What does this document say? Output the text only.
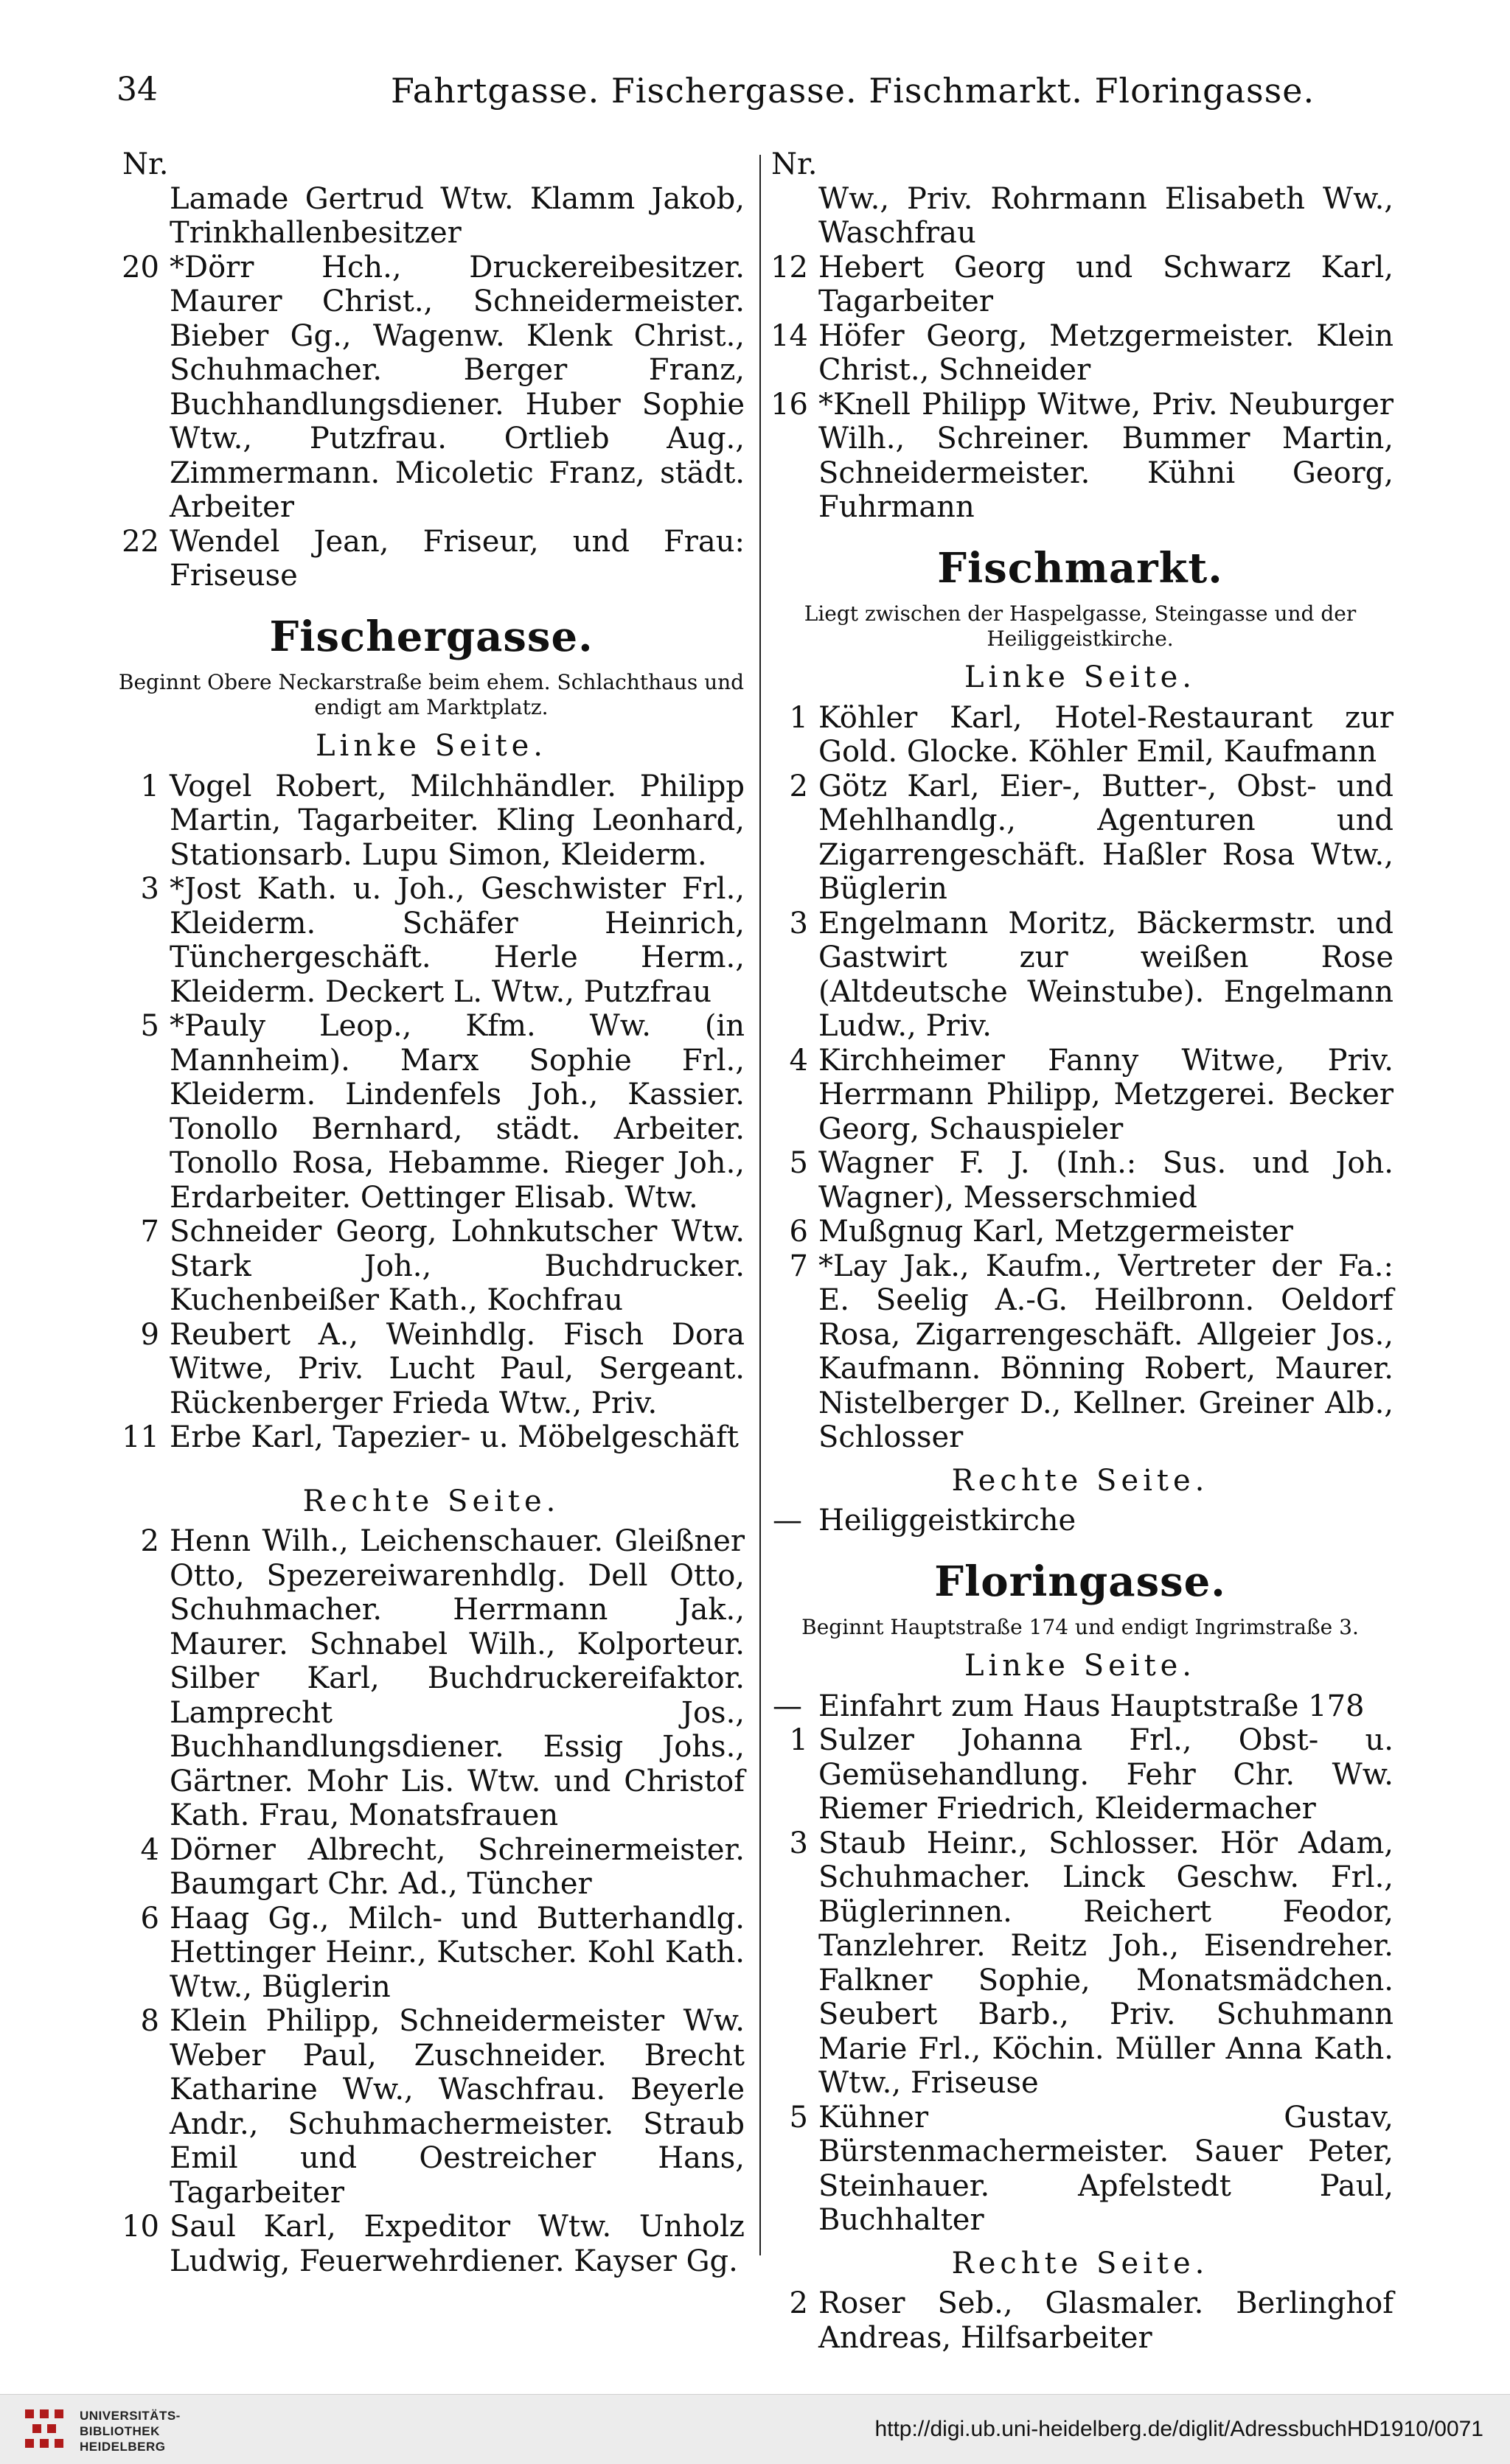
34	Fahrtgasse. Fischergasse. Fischmarkt. Floringasse.
Nr.
Lamade Gertrud Wtw. Klamm Jakob, Trinkhallenbesitzer
20 *Dörr Hch., Druckereibesitzer. Maurer Christ., Schneidermeister. Bieber Gg., Wagenw. Klenk Christ., Schuhmacher. Berger Franz, Buchhandlungsdiener. Huber Sophie Wtw., Putzfrau. Ortlieb Aug., Zimmermann. Micoletic Franz, städt. Arbeiter
22 Wendel Jean, Friseur, und Frau: Friseuse
Fischergasse.
Beginnt Obere Neckarstraße beim ehem. Schlachthaus und endigt am Marktplatz.
Linke Seite.
1 Vogel Robert, Milchhändler. Philipp Martin, Tagarbeiter. Kling Leonhard, Stationsarb. Lupu Simon, Kleiderm.
3 *Jost Kath. u. Joh., Geschwister Frl., Kleiderm. Schäfer Heinrich, Tünchergeschäft. Herle Herm., Kleiderm. Deckert L. Wtw., Putzfrau
5 *Pauly Leop., Kfm. Ww. (in Mannheim). Marx Sophie Frl., Kleiderm. Lindenfels Joh., Kassier. Tonollo Bernhard, städt. Arbeiter. Tonollo Rosa, Hebamme. Rieger Joh., Erdarbeiter. Oettinger Elisab. Wtw.
7 Schneider Georg, Lohnkutscher Wtw. Stark Joh., Buchdrucker. Kuchenbeißer Kath., Kochfrau
9 Reubert A., Weinhdlg. Fisch Dora Witwe, Priv. Lucht Paul, Sergeant. Rückenberger Frieda Wtw., Priv.
11 Erbe Karl, Tapezier- u. Möbelgeschäft
Rechte Seite.
2 Henn Wilh., Leichenschauer. Gleißner Otto, Spezereiwarenhdlg. Dell Otto, Schuhmacher. Herrmann Jak., Maurer. Schnabel Wilh., Kolporteur. Silber Karl, Buchdruckereifaktor. Lamprecht Jos., Buchhandlungsdiener. Essig Johs., Gärtner. Mohr Lis. Wtw. und Christof Kath. Frau, Monatsfrauen
4 Dörner Albrecht, Schreinermeister. Baumgart Chr. Ad., Tüncher
6 Haag Gg., Milch- und Butterhandlg. Hettinger Heinr., Kutscher. Kohl Kath. Wtw., Büglerin
8 Klein Philipp, Schneidermeister Ww. Weber Paul, Zuschneider. Brecht Katharine Ww., Waschfrau. Beyerle Andr., Schuhmachermeister. Straub Emil und Oestreicher Hans, Tagarbeiter
10 Saul Karl, Expeditor Wtw. Unholz Ludwig, Feuerwehrdiener. Kayser Gg.
Nr.
Ww., Priv. Rohrmann Elisabeth Ww., Waschfrau
12 Hebert Georg und Schwarz Karl, Tagarbeiter
14 Höfer Georg, Metzgermeister. Klein Christ., Schneider
16 *Knell Philipp Witwe, Priv. Neuburger Wilh., Schreiner. Bummer Martin, Schneidermeister. Kühni Georg, Fuhrmann
Fischmarkt.
Liegt zwischen der Haspelgasse, Steingasse und der Heiliggeistkirche.
Linke Seite.
1 Köhler Karl, Hotel-Restaurant zur Gold. Glocke. Köhler Emil, Kaufmann
2 Götz Karl, Eier-, Butter-, Obst- und Mehlhandlg., Agenturen und Zigarrengeschäft. Haßler Rosa Wtw., Büglerin
3 Engelmann Moritz, Bäckermstr. und Gastwirt zur weißen Rose (Altdeutsche Weinstube). Engelmann Ludw., Priv.
4 Kirchheimer Fanny Witwe, Priv. Herrmann Philipp, Metzgerei. Becker Georg, Schauspieler
5 Wagner F. J. (Inh.: Sus. und Joh. Wagner), Messerschmied
6 Mußgnug Karl, Metzgermeister
7 *Lay Jak., Kaufm., Vertreter der Fa.: E. Seelig A.-G. Heilbronn. Oeldorf Rosa, Zigarrengeschäft. Allgeier Jos., Kaufmann. Bönning Robert, Maurer. Nistelberger D., Kellner. Greiner Alb., Schlosser
Rechte Seite.
— Heiliggeistkirche
Floringasse.
Beginnt Hauptstraße 174 und endigt Ingrimstraße 3.
Linke Seite.
— Einfahrt zum Haus Hauptstraße 178
1 Sulzer Johanna Frl., Obst- u. Gemüsehandlung. Fehr Chr. Ww. Riemer Friedrich, Kleidermacher
3 Staub Heinr., Schlosser. Hör Adam, Schuhmacher. Linck Geschw. Frl., Büglerinnen. Reichert Feodor, Tanzlehrer. Reitz Joh., Eisendreher. Falkner Sophie, Monatsmädchen. Seubert Barb., Priv. Schuhmann Marie Frl., Köchin. Müller Anna Kath. Wtw., Friseuse
5 Kühner Gustav, Bürstenmachermeister. Sauer Peter, Steinhauer. Apfelstedt Paul, Buchhalter
Rechte Seite.
2 Roser Seb., Glasmaler. Berlinghof Andreas, Hilfsarbeiter
UNIVERSITÄTS-
BIBLIOTHEK
HEIDELBERG
http://digi.ub.uni-heidelberg.de/diglit/AdressbuchHD1910/0071
